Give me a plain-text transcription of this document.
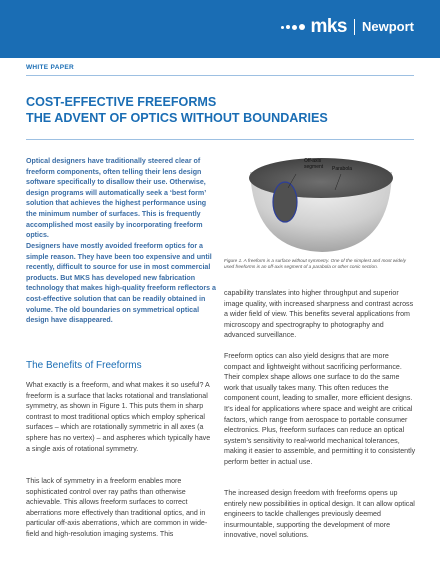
mks Newport
WHITE PAPER
COST-EFFECTIVE FREEFORMS
THE ADVENT OF OPTICS WITHOUT BOUNDARIES

Optical designers have traditionally steered clear of freeform components, often telling their lens design software specifically to disallow their use. Otherwise, design programs will automatically seek a ‘best form’ solution that achieves the highest performance using the minimum number of surfaces. This is frequently accomplished most easily by incorporating freeform optics.

Designers have mostly avoided freeform optics for a simple reason. They have been too expensive and until recently, difficult to source for use in most commercial products. But MKS has developed new fabrication technology that makes high-quality freeform reflectors a cost-effective solution that can be readily obtained in volume. The old boundaries on symmetrical optical design have disappeared.

The Benefits of Freeforms

What exactly is a freeform, and what makes it so useful? A freeform is a surface that lacks rotational and translational symmetry, as shown in Figure 1. This puts them in sharp contrast to most traditional optics which employ spherical surfaces – which are rotationally symmetric in all axes (a sphere has no vertex) – and aspheres which typically have a single axis of rotational symmetry.

This lack of symmetry in a freeform enables more sophisticated control over ray paths than otherwise achievable. This allows freeform surfaces to correct aberrations more effectively than traditional optics, and in particular off-axis aberrations, which are common in wide-field and high-resolution imaging systems. This

Off-axis
segment Parabola

Figure 1. A freeform is a surface without symmetry. One of the simplest and most widely used freeforms is an off-axis segment of a parabola or other conic section.

capability translates into higher throughput and superior image quality, with increased sharpness and contrast across a wider field of view. This benefits several applications from microscopy and spectrography to photography and advanced surveillance.

Freeform optics can also yield designs that are more compact and lightweight without sacrificing performance. Their complex shape allows one surface to do the same work that usually takes many. This often reduces the component count, leading to smaller, more efficient designs. It’s ideal for applications where space and weight are critical factors, which range from aerospace to portable consumer electronics. Plus, freeform surfaces can reduce an optical system’s sensitivity to real-world mechanical tolerances, making it easier to assemble, and permitting it to consistently perform better in actual use.

The increased design freedom with freeforms opens up entirely new possibilities in optical design. It can allow optical engineers to tackle challenges previously deemed insurmountable, supporting the development of more innovative, novel solutions.
